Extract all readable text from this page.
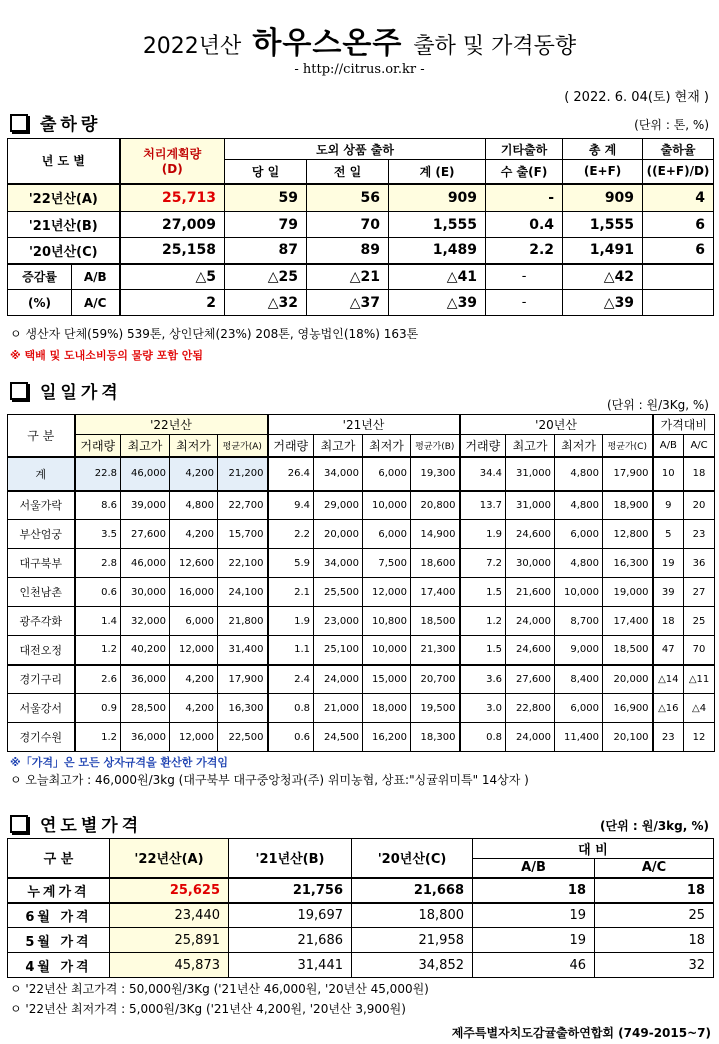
2022년산 하우스온주 출하 및 가격동향
- http://citrus.or.kr -
( 2022. 6. 04(토) 현재 )
출하량	(단위 : 톤, %)
년 도 별		처리계획량
(D)	도외 상품 출하			기타출하	총 계	출하율
			당 일	전 일	계 (E)	수 출(F)	(E+F)	((E+F)/D)
'22년산(A)		25,713	59	56	909	-	909	4
'21년산(B)		27,009	79	70	1,555	0.4	1,555	6
'20년산(C)		25,158	87	89	1,489	2.2	1,491	6
증감률	A/B	△5	△25	△21	△41	-	△42	
(%)	A/C	2	△32	△37	△39	-	△39	
ㅇ 생산자 단체(59%) 539톤, 상인단체(23%) 208톤, 영농법인(18%) 163톤
※ 택배 및 도내소비등의 물량 포함 안됨
일일가격
(단위 : 원/3Kg, %)
구 분	'22년산				'21년산				'20년산				가격대비	
	거래량	최고가	최저가	평균가(A)	거래량	최고가	최저가	평균가(B)	거래량	최고가	최저가	평균가(C)	A/B	A/C
계	22.8	46,000	4,200	21,200	26.4	34,000	6,000	19,300	34.4	31,000	4,800	17,900	10	18
서울가락	8.6	39,000	4,800	22,700	9.4	29,000	10,000	20,800	13.7	31,000	4,800	18,900	9	20
부산엄궁	3.5	27,600	4,200	15,700	2.2	20,000	6,000	14,900	1.9	24,600	6,000	12,800	5	23
대구북부	2.8	46,000	12,600	22,100	5.9	34,000	7,500	18,600	7.2	30,000	4,800	16,300	19	36
인천남촌	0.6	30,000	16,000	24,100	2.1	25,500	12,000	17,400	1.5	21,600	10,000	19,000	39	27
광주각화	1.4	32,000	6,000	21,800	1.9	23,000	10,800	18,500	1.2	24,000	8,700	17,400	18	25
대전오정	1.2	40,200	12,000	31,400	1.1	25,100	10,000	21,300	1.5	24,600	9,000	18,500	47	70
경기구리	2.6	36,000	4,200	17,900	2.4	24,000	15,000	20,700	3.6	27,600	8,400	20,000	△14	△11
서울강서	0.9	28,500	4,200	16,300	0.8	21,000	18,000	19,500	3.0	22,800	6,000	16,900	△16	△4
경기수원	1.2	36,000	12,000	22,500	0.6	24,500	16,200	18,300	0.8	24,000	11,400	20,100	23	12
※「가격」은 모든 상자규격을 환산한 가격임
ㅇ 오늘최고가 : 46,000원/3kg (대구북부 대구중앙청과(주) 위미농협, 상표:"싱귤위미특" 14상자 )
연도별가격	(단위 : 원/3kg, %)
구 분	'22년산(A)	'21년산(B)	'20년산(C)	대 비	
				A/B	A/C
누계가격	25,625	21,756	21,668	18	18
6월 가격	23,440	19,697	18,800	19	25
5월 가격	25,891	21,686	21,958	19	18
4월 가격	45,873	31,441	34,852	46	32
ㅇ '22년산 최고가격 : 50,000원/3Kg ('21년산 46,000원, '20년산 45,000원)
ㅇ '22년산 최저가격 : 5,000원/3Kg ('21년산 4,200원, '20년산 3,900원)
제주특별자치도감귤출하연합회 (749-2015~7)
